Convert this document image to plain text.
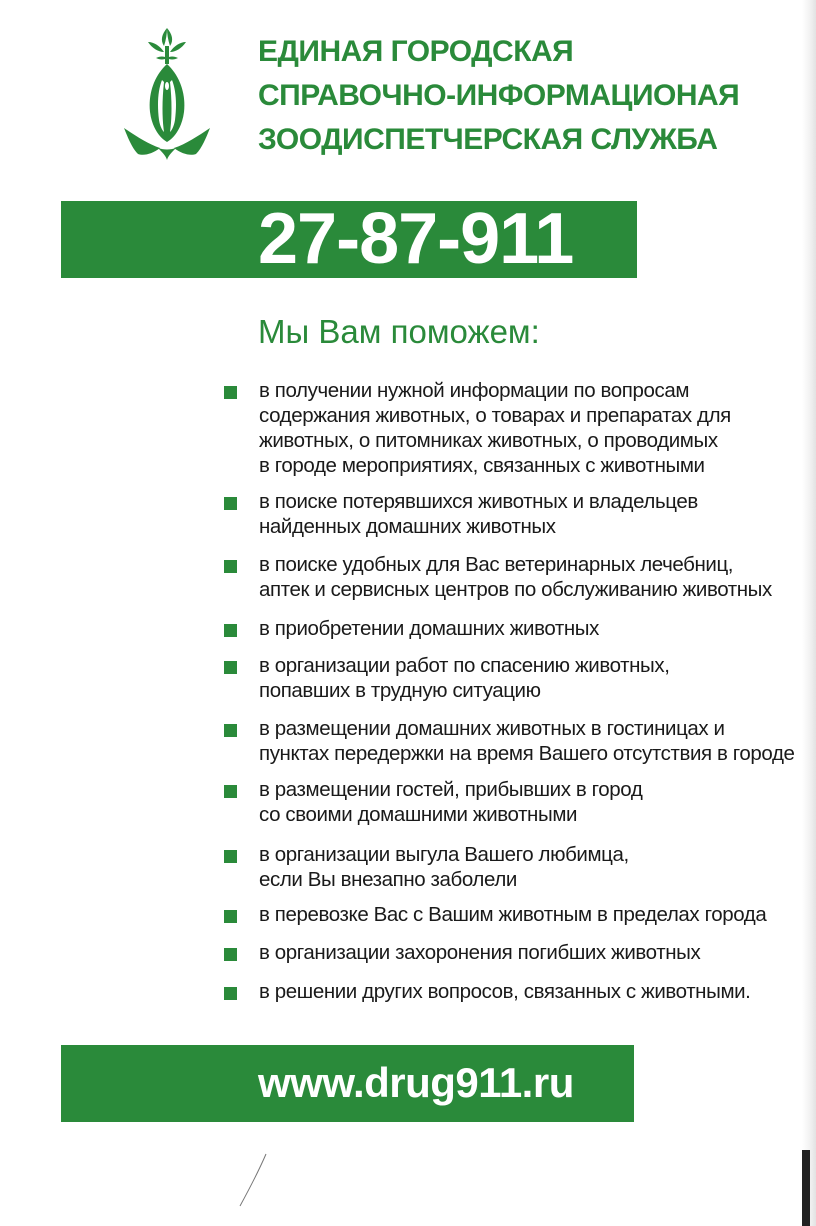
ЕДИНАЯ ГОРОДСКАЯ
СПРАВОЧНО-ИНФОРМАЦИОНАЯ
ЗООДИСПЕТЧЕРСКАЯ СЛУЖБА
27-87-911
Мы Вам поможем:
в получении нужной информации по вопросам
содержания животных, о товарах и препаратах для
животных, о питомниках животных, о проводимых
в городе мероприятиях, связанных с животными
в поиске потерявшихся животных и владельцев
найденных домашних животных
в поиске удобных для Вас ветеринарных лечебниц,
аптек и сервисных центров по обслуживанию животных
в приобретении домашних животных
в организации работ по спасению животных,
попавших в трудную ситуацию
в размещении домашних животных в гостиницах и
пунктах передержки на время Вашего отсутствия в городе
в размещении гостей, прибывших в город
со своими домашними животными
в организации выгула Вашего любимца,
если Вы внезапно заболели
в перевозке Вас с Вашим животным в пределах города
в организации захоронения погибших животных
в решении других вопросов, связанных с животными.
www.drug911.ru
